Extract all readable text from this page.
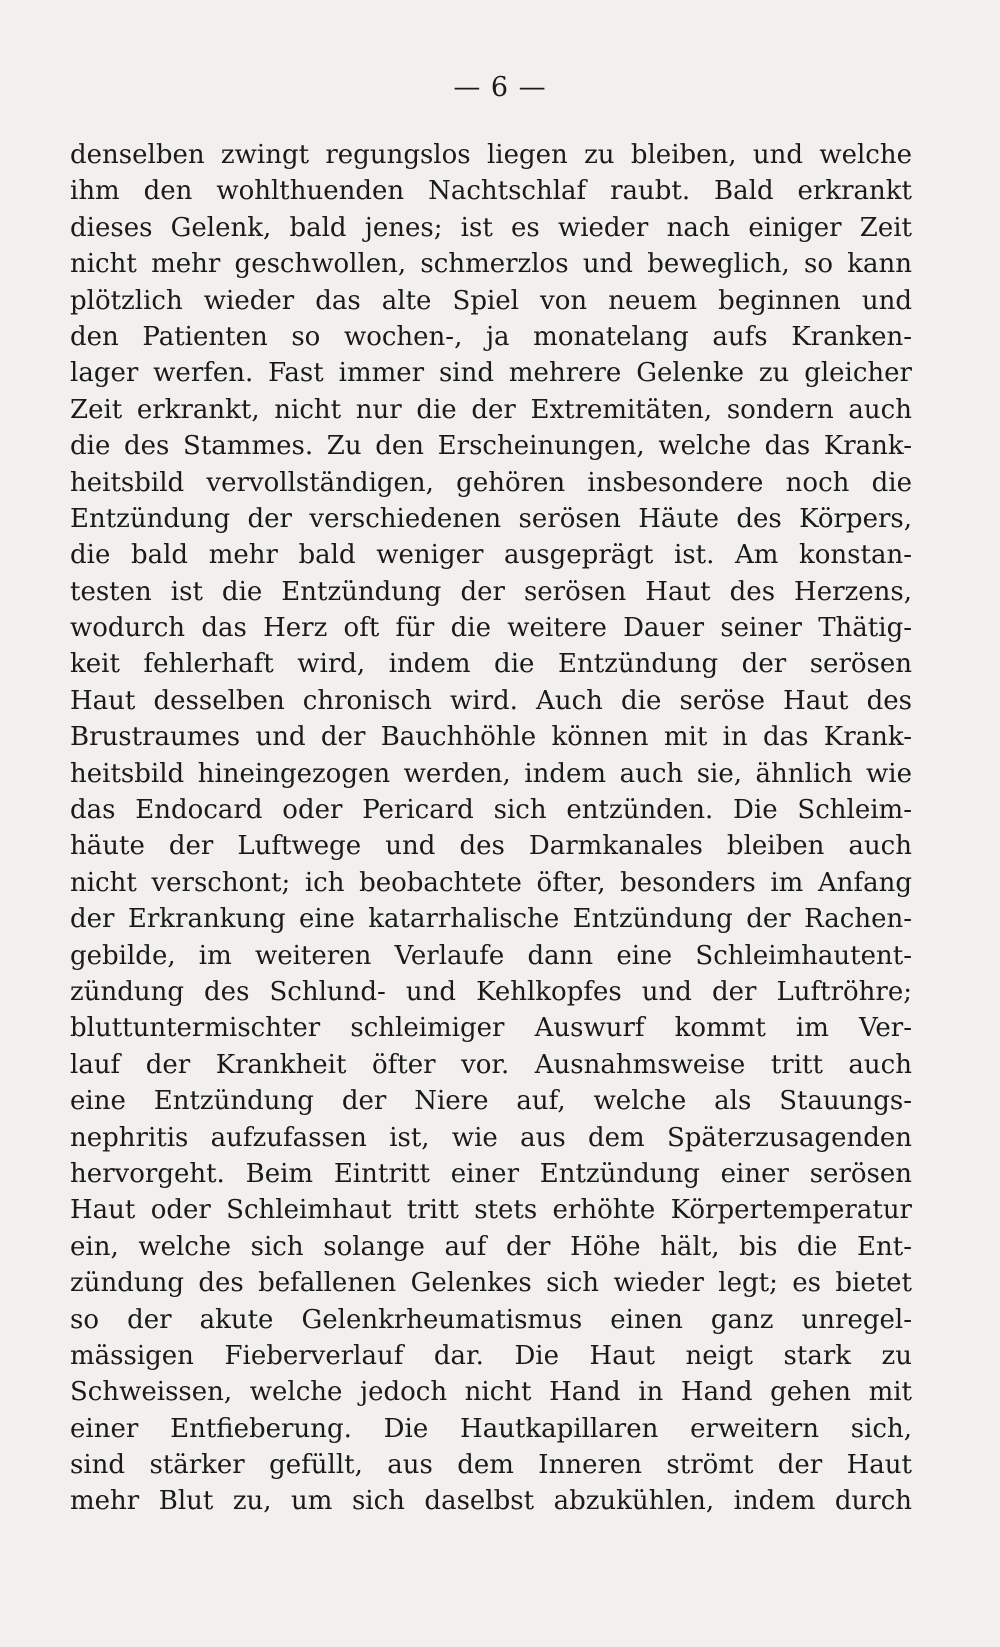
— 6 —
denselben zwingt regungslos liegen zu bleiben, und welche
ihm den wohlthuenden Nachtschlaf raubt. Bald erkrankt
dieses Gelenk, bald jenes; ist es wieder nach einiger Zeit
nicht mehr geschwollen, schmerzlos und beweglich, so kann
plötzlich wieder das alte Spiel von neuem beginnen und
den Patienten so wochen-, ja monatelang aufs Kranken-
lager werfen. Fast immer sind mehrere Gelenke zu gleicher
Zeit erkrankt, nicht nur die der Extremitäten, sondern auch
die des Stammes. Zu den Erscheinungen, welche das Krank-
heitsbild vervollständigen, gehören insbesondere noch die
Entzündung der verschiedenen serösen Häute des Körpers,
die bald mehr bald weniger ausgeprägt ist. Am konstan-
testen ist die Entzündung der serösen Haut des Herzens,
wodurch das Herz oft für die weitere Dauer seiner Thätig-
keit fehlerhaft wird, indem die Entzündung der serösen
Haut desselben chronisch wird. Auch die seröse Haut des
Brustraumes und der Bauchhöhle können mit in das Krank-
heitsbild hineingezogen werden, indem auch sie, ähnlich wie
das Endocard oder Pericard sich entzünden. Die Schleim-
häute der Luftwege und des Darmkanales bleiben auch
nicht verschont; ich beobachtete öfter, besonders im Anfang
der Erkrankung eine katarrhalische Entzündung der Rachen-
gebilde, im weiteren Verlaufe dann eine Schleimhautent-
zündung des Schlund- und Kehlkopfes und der Luftröhre;
bluttuntermischter schleimiger Auswurf kommt im Ver-
lauf der Krankheit öfter vor. Ausnahmsweise tritt auch
eine Entzündung der Niere auf, welche als Stauungs-
nephritis aufzufassen ist, wie aus dem Späterzusagenden
hervorgeht. Beim Eintritt einer Entzündung einer serösen
Haut oder Schleimhaut tritt stets erhöhte Körpertemperatur
ein, welche sich solange auf der Höhe hält, bis die Ent-
zündung des befallenen Gelenkes sich wieder legt; es bietet
so der akute Gelenkrheumatismus einen ganz unregel-
mässigen Fieberverlauf dar. Die Haut neigt stark zu
Schweissen, welche jedoch nicht Hand in Hand gehen mit
einer Entfieberung. Die Hautkapillaren erweitern sich,
sind stärker gefüllt, aus dem Inneren strömt der Haut
mehr Blut zu, um sich daselbst abzukühlen, indem durch
